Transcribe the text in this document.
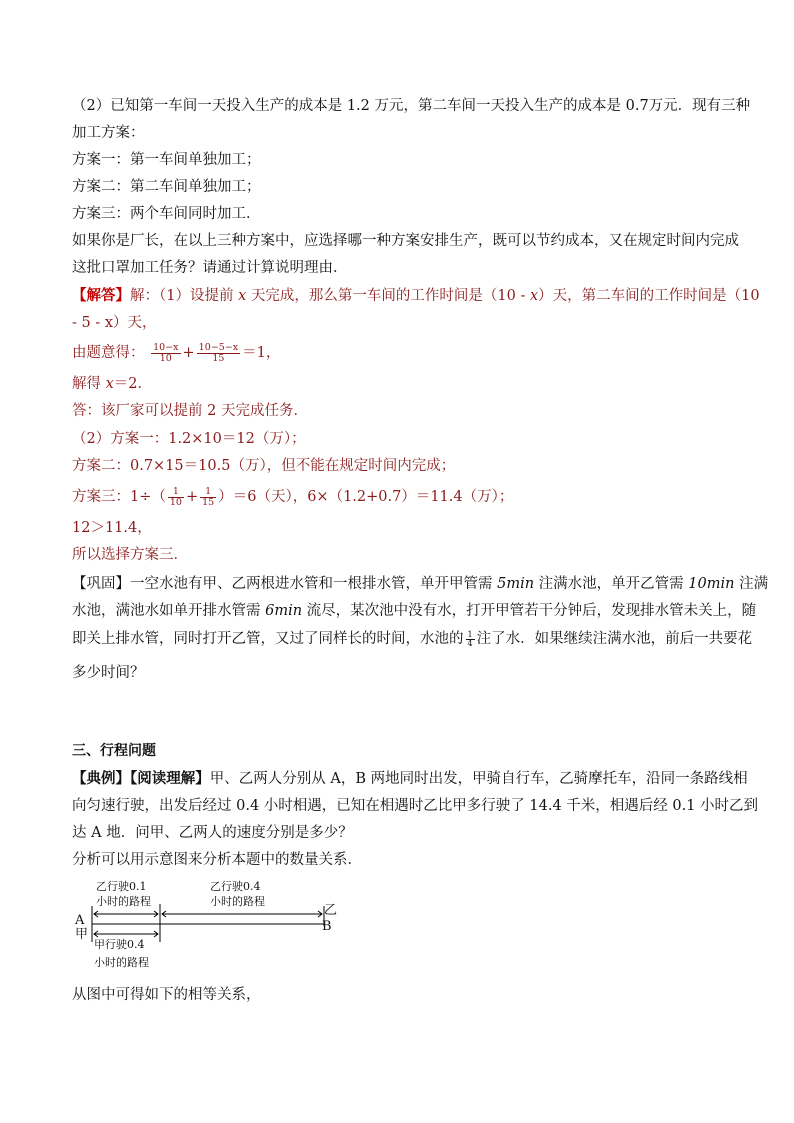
（2）已知第一车间一天投入生产的成本是 1.2 万元，第二车间一天投入生产的成本是 0.7万元．现有三种
加工方案：
方案一：第一车间单独加工；
方案二：第二车间单独加工；
方案三：两个车间同时加工．
如果你是厂长，在以上三种方案中，应选择哪一种方案安排生产，既可以节约成本，又在规定时间内完成
这批口罩加工任务？请通过计算说明理由．
【解答】解：（1）设提前 x 天完成，那么第一车间的工作时间是（10 - x）天，第二车间的工作时间是（10
- 5 - x）天，
由题意得： $\frac{10-x}{10} + \frac{10-5-x}{15} =1$，
解得 x＝2．
答：该厂家可以提前 2 天完成任务．
（2）方案一：1.2×10＝12（万）；
方案二：0.7×15＝10.5（万），但不能在规定时间内完成；
方案三：$1\div( \frac{1}{10} + \frac{1}{15} )=6$（天），6×（1.2+0.7）＝11.4（万）；
12＞11.4，
所以选择方案三．
【巩固】一空水池有甲、乙两根进水管和一根排水管，单开甲管需 5min 注满水池，单开乙管需 10min 注满
水池，满池水如单开排水管需 6min 流尽，某次池中没有水，打开甲管若干分钟后，发现排水管未关上，随
即关上排水管，同时打开乙管，又过了同样长的时间，水池的 $\frac{1}{4}$ 注了水．如果继续注满水池，前后一共要花
多少时间？
三、行程问题
【典例】【阅读理解】甲、乙两人分别从 A，B 两地同时出发，甲骑自行车，乙骑摩托车，沿同一条路线相
向匀速行驶，出发后经过 0.4 小时相遇，已知在相遇时乙比甲多行驶了 14.4 千米，相遇后经 0.1 小时乙到
达 A 地．问甲、乙两人的速度分别是多少？
分析可以用示意图来分析本题中的数量关系．
乙行驶0.1
小时的路程
乙行驶0.4
小时的路程
甲行驶0.4
小时的路程
A
甲
乙
B
从图中可得如下的相等关系，
